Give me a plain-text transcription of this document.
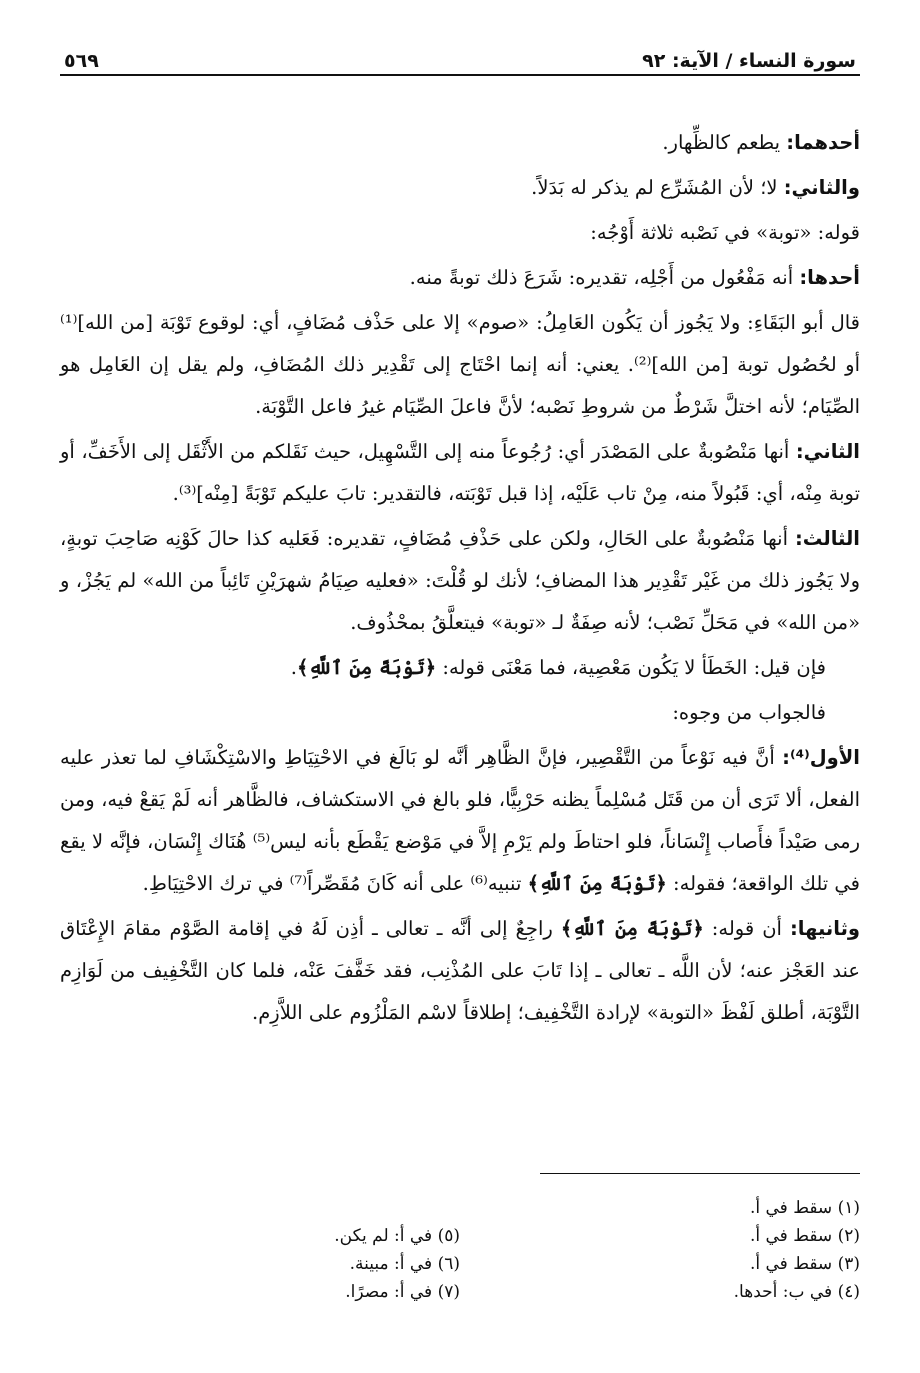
سورة النساء / الآية: ٩٢
٥٦٩

أحدهما: يطعم كالظِّهار.

والثاني: لا؛ لأن المُشَرِّع لم يذكر له بَدَلاً.

قوله: «توبة» في نَصْبه ثلاثة أَوْجُه:

أحدها: أنه مَفْعُول من أَجْلِه، تقديره: شَرَعَ ذلك توبةً منه.

قال أبو البَقَاءِ: ولا يَجُوز أن يَكُون العَامِلُ: «صوم» إلا على حَذْف مُضَافٍ، أي: لوقوع تَوْبَة [من الله]⁽¹⁾ أو لحُصُول توبة [من الله]⁽²⁾. يعني: أنه إنما احْتَاج إلى تَقْدِير ذلك المُضَافِ، ولم يقل إن العَامِل هو الصِّيَام؛ لأنه اختلَّ شَرْطٌ من شروطِ نَصْبه؛ لأنَّ فاعلَ الصِّيَام غيرُ فاعل التَّوْبَة.

الثاني: أنها مَنْصُوبةٌ على المَصْدَر أي: رُجُوعاً منه إلى التَّسْهِيل، حيث نَقَلكم من الأَثْقَل إلى الأَخَفِّ، أو توبة مِنْه، أي: قَبُولاً منه، مِنْ تاب عَلَيْه، إذا قبل تَوْبَته، فالتقدير: تابَ عليكم تَوْبَةً [مِنْه]⁽³⁾.

الثالث: أنها مَنْصُوبةٌ على الحَالِ، ولكن على حَذْفِ مُضَافٍ، تقديره: فَعَليه كذا حالَ كَوْنِه صَاحِبَ توبةٍ، ولا يَجُوز ذلك من غَيْر تَقْدِير هذا المضافِ؛ لأنك لو قُلْتَ: «فعليه صِيَامُ شهرَيْنِ تَائِباً من الله» لم يَجُزْ، و «من الله» في مَحَلِّ نَصْب؛ لأنه صِفَةٌ لـ «توبة» فيتعلَّقُ بمحْذُوف.

فإن قيل: الخَطَأ لا يَكُون مَعْصِية، فما مَعْنَى قوله: ﴿تَوْبَةً مِنَ ٱللَّهِ﴾.

فالجواب من وجوه:

الأول⁽⁴⁾: أنَّ فيه نَوْعاً من التَّقْصِير، فإنَّ الظَّاهِر أنَّه لو بَالَغ في الاحْتِيَاطِ والاسْتِكْشَافِ لما تعذر عليه الفعل، ألا تَرَى أن من قَتَل مُسْلِماً يظنه حَرْبِيًّا، فلو بالغ في الاستكشاف، فالظَّاهر أنه لَمْ يَقعْ فيه، ومن رمى صَيْداً فأَصاب إِنْسَاناً، فلو احتاطَ ولم يَرْمِ إلاَّ في مَوْضع يَقْطَع بأنه ليس⁽⁵⁾ هُنَاك إِنْسَان، فإنَّه لا يقع في تلك الواقعة؛ فقوله: ﴿تَوْبَةً مِنَ ٱللَّهِ﴾ تنبيه⁽⁶⁾ على أنه كَانَ مُقَصِّراً⁽⁷⁾ في ترك الاحْتِيَاطِ.

وثانيها: أن قوله: ﴿تَوْبَةً مِنَ ٱللَّهِ﴾ راجِعٌ إلى أنَّه ـ تعالى ـ أذِن لَهُ في إقامة الصَّوْم مقامَ الإِعْتَاق عند العَجْز عنه؛ لأن اللَّه ـ تعالى ـ إذا تَابَ على المُذْنِب، فقد خَفَّفَ عَنْه، فلما كان التَّخْفِيف من لَوَازِم التَّوْبَة، أطلق لَفْظَ «التوبة» لإرادة التَّخْفِيف؛ إطلاقاً لاسْم المَلْزُوم على اللاَّزِم.

(١) سقط في أ.
(٢) سقط في أ.
(٣) سقط في أ.
(٤) في ب: أحدها.
(٥) في أ: لم يكن.
(٦) في أ: مبينة.
(٧) في أ: مصرًا.
